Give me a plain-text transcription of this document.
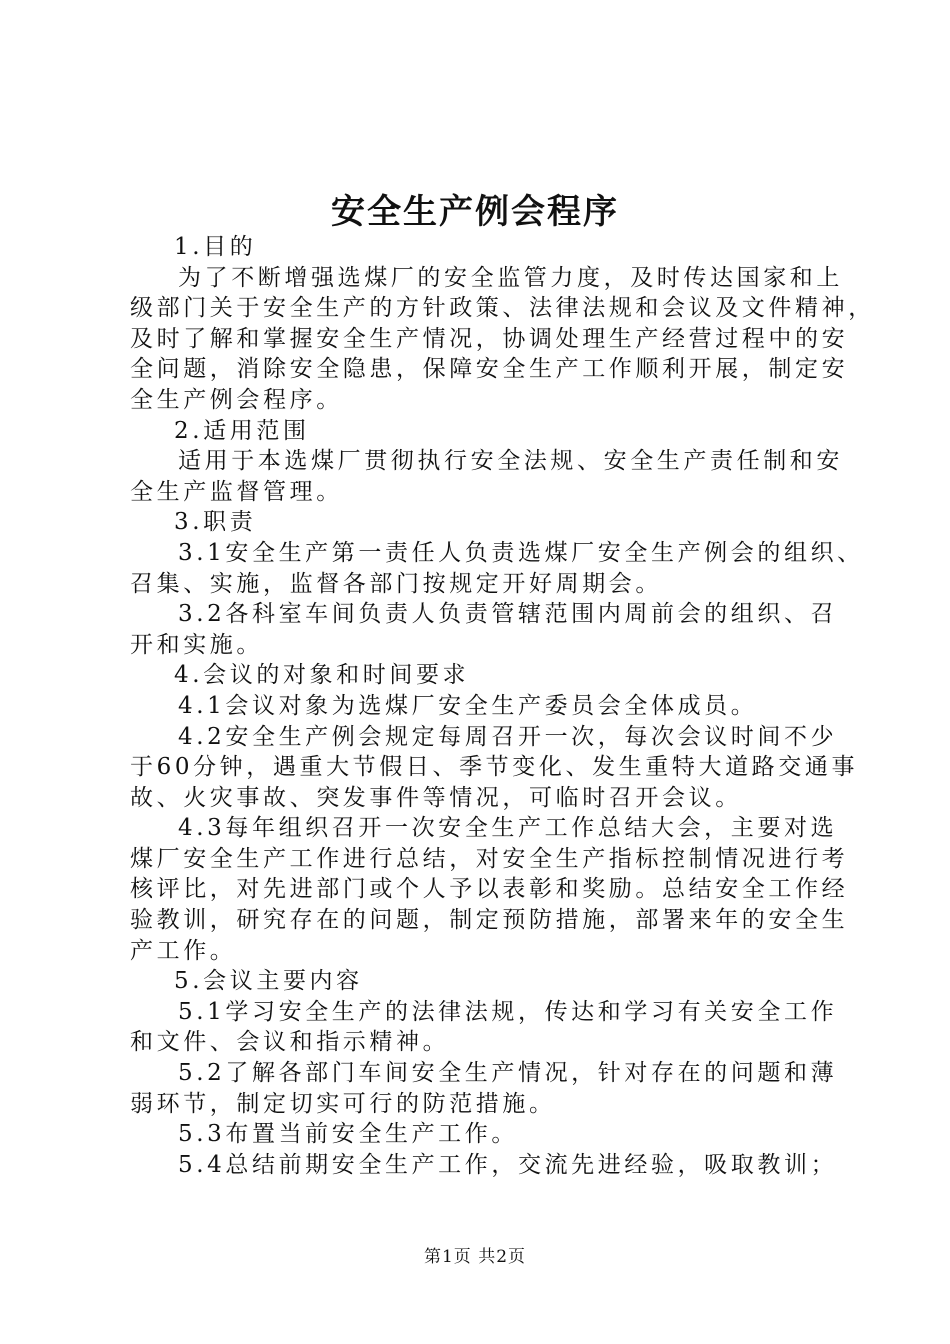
安全生产例会程序
1.目的
为了不断增强选煤厂的安全监管力度，及时传达国家和上
级部门关于安全生产的方针政策、法律法规和会议及文件精神，
及时了解和掌握安全生产情况，协调处理生产经营过程中的安
全问题，消除安全隐患，保障安全生产工作顺利开展，制定安
全生产例会程序。
2.适用范围
适用于本选煤厂贯彻执行安全法规、安全生产责任制和安
全生产监督管理。
3.职责
3.1安全生产第一责任人负责选煤厂安全生产例会的组织、
召集、实施，监督各部门按规定开好周期会。
3.2各科室车间负责人负责管辖范围内周前会的组织、召
开和实施。
4.会议的对象和时间要求
4.1会议对象为选煤厂安全生产委员会全体成员。
4.2安全生产例会规定每周召开一次，每次会议时间不少
于60分钟，遇重大节假日、季节变化、发生重特大道路交通事
故、火灾事故、突发事件等情况，可临时召开会议。
4.3每年组织召开一次安全生产工作总结大会，主要对选
煤厂安全生产工作进行总结，对安全生产指标控制情况进行考
核评比，对先进部门或个人予以表彰和奖励。总结安全工作经
验教训，研究存在的问题，制定预防措施，部署来年的安全生
产工作。
5.会议主要内容
5.1学习安全生产的法律法规，传达和学习有关安全工作
和文件、会议和指示精神。
5.2了解各部门车间安全生产情况，针对存在的问题和薄
弱环节，制定切实可行的防范措施。
5.3布置当前安全生产工作。
5.4总结前期安全生产工作，交流先进经验，吸取教训；
第1页 共2页
